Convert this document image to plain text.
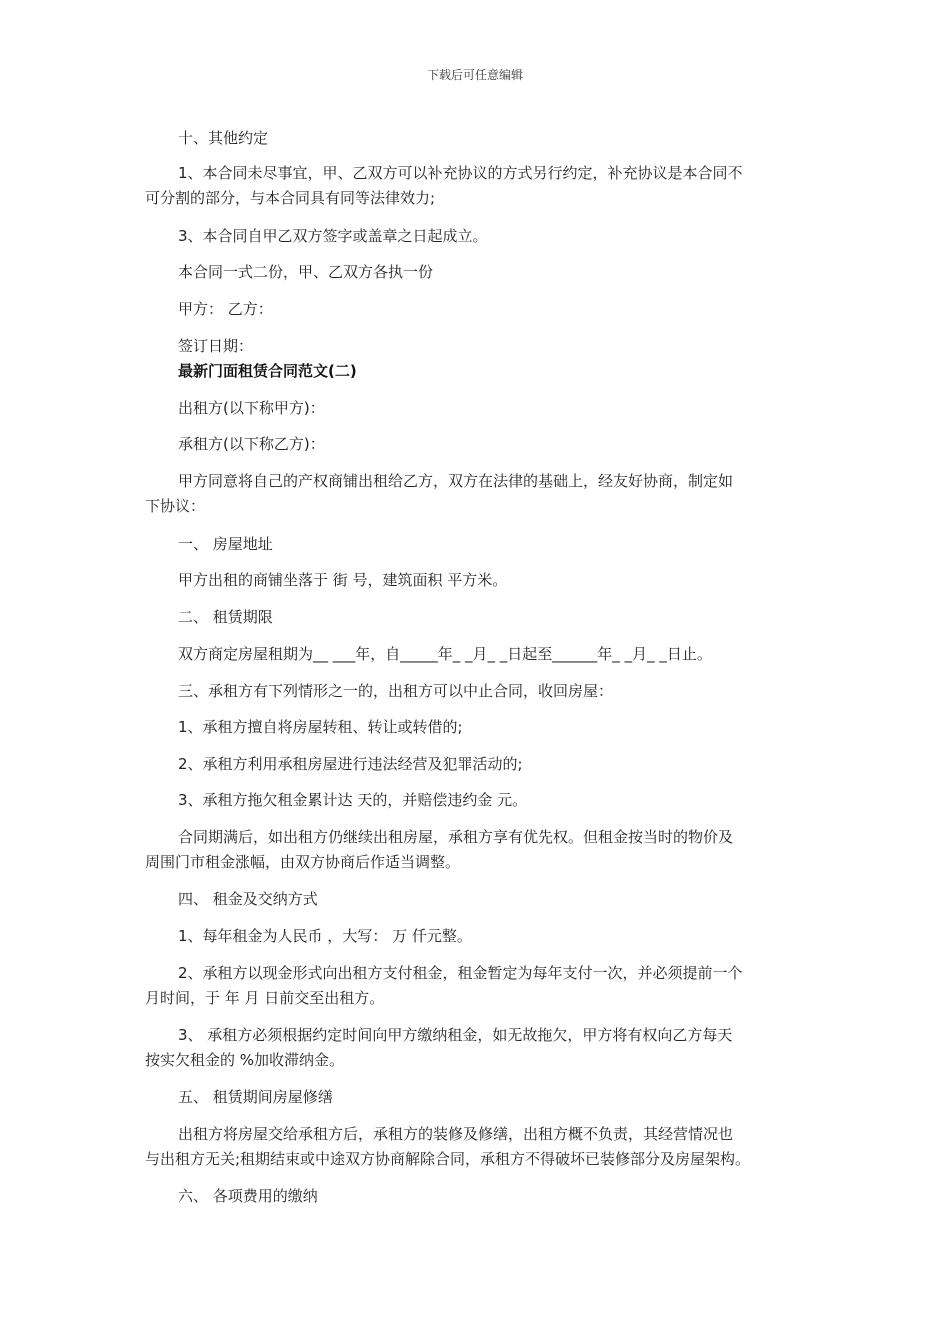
下载后可任意编辑
十、其他约定
1、本合同未尽事宜，甲、乙双方可以补充协议的方式另行约定，补充协议是本合同不
可分割的部分，与本合同具有同等法律效力;
3、本合同自甲乙双方签字或盖章之日起成立。
本合同一式二份，甲、乙双方各执一份
甲方： 乙方：
签订日期：
最新门面租赁合同范文(二)
出租方(以下称甲方)：
承租方(以下称乙方)：
甲方同意将自己的产权商铺出租给乙方，双方在法律的基础上，经友好协商，制定如
下协议：
一、 房屋地址
甲方出租的商铺坐落于 街 号，建筑面积 平方米。
二、 租赁期限
双方商定房屋租期为__ ___年，自_____年_ _月_ _日起至______年_ _月_ _日止。
三、承租方有下列情形之一的，出租方可以中止合同，收回房屋：
1、承租方擅自将房屋转租、转让或转借的;
2、承租方利用承租房屋进行违法经营及犯罪活动的;
3、承租方拖欠租金累计达 天的，并赔偿违约金 元。
合同期满后，如出租方仍继续出租房屋，承租方享有优先权。但租金按当时的物价及
周围门市租金涨幅，由双方协商后作适当调整。
四、 租金及交纳方式
1、每年租金为人民币 ，大写： 万 仟元整。
2、承租方以现金形式向出租方支付租金，租金暂定为每年支付一次，并必须提前一个
月时间，于 年 月 日前交至出租方。
3、 承租方必须根据约定时间向甲方缴纳租金，如无故拖欠，甲方将有权向乙方每天
按实欠租金的 %加收滞纳金。
五、 租赁期间房屋修缮
出租方将房屋交给承租方后，承租方的装修及修缮，出租方概不负责，其经营情况也
与出租方无关;租期结束或中途双方协商解除合同，承租方不得破坏已装修部分及房屋架构。
六、 各项费用的缴纳
